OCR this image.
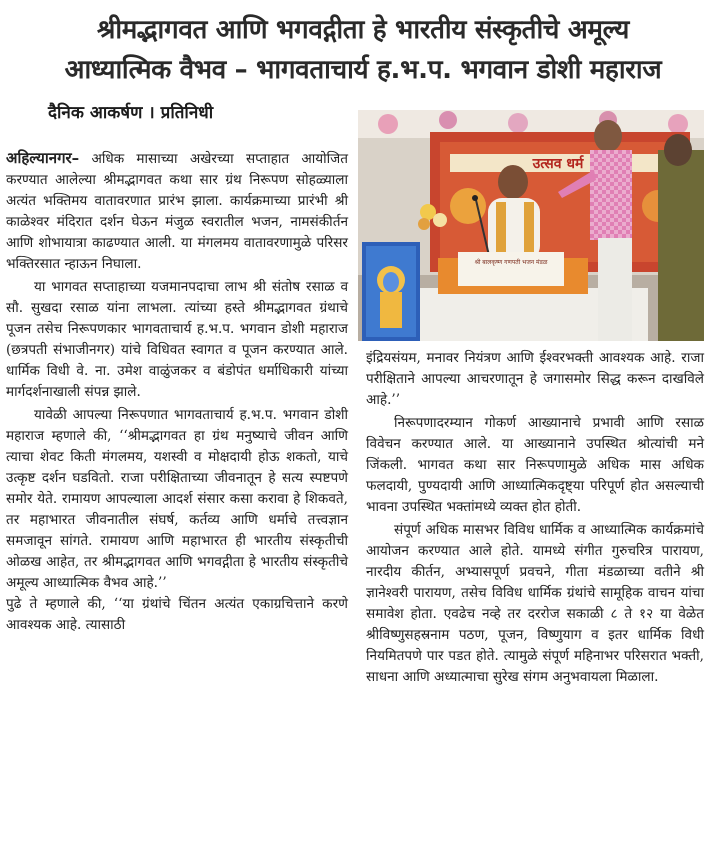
श्रीमद्भागवत आणि भगवद्गीता हे भारतीय संस्कृतीचे अमूल्य
आध्यात्मिक वैभव – भागवताचार्य ह.भ.प. भगवान डोशी महाराज
दैनिक आकर्षण । प्रतिनिधी
उत्सव धर्म
श्री बालकृष्ण गणपती भजन मंडळ

अहिल्यानगर– अधिक मासाच्या अखेरच्या सप्ताहात आयोजित करण्यात आलेल्या श्रीमद्भागवत कथा सार ग्रंथ निरूपण सोहळ्याला अत्यंत भक्तिमय वातावरणात प्रारंभ झाला. कार्यक्रमाच्या प्रारंभी श्री काळेश्वर मंदिरात दर्शन घेऊन मंजुळ स्वरातील भजन, नामसंकीर्तन आणि शोभायात्रा काढण्यात आली. या मंगलमय वातावरणामुळे परिसर भक्तिरसात न्हाऊन निघाला.

या भागवत सप्ताहाच्या यजमानपदाचा लाभ श्री संतोष रसाळ व सौ. सुखदा रसाळ यांना लाभला. त्यांच्या हस्ते श्रीमद्भागवत ग्रंथाचे पूजन तसेच निरूपणकार भागवताचार्य ह.भ.प. भगवान डोशी महाराज (छत्रपती संभाजीनगर) यांचे विधिवत स्वागत व पूजन करण्यात आले. धार्मिक विधी वे. ना. उमेश वाळुंजकर व बंडोपंत धर्माधिकारी यांच्या मार्गदर्शनाखाली संपन्न झाले.

यावेळी आपल्या निरूपणात भागवताचार्य ह.भ.प. भगवान डोशी महाराज म्हणाले की, ‘‘श्रीमद्भागवत हा ग्रंथ मनुष्याचे जीवन आणि त्याचा शेवट किती मंगलमय, यशस्वी व मोक्षदायी होऊ शकतो, याचे उत्कृष्ट दर्शन घडवितो. राजा परीक्षिताच्या जीवनातून हे सत्य स्पष्टपणे समोर येते. रामायण आपल्याला आदर्श संसार कसा करावा हे शिकवते, तर महाभारत जीवनातील संघर्ष, कर्तव्य आणि धर्माचे तत्त्वज्ञान समजावून सांगते. रामायण आणि महाभारत ही भारतीय संस्कृतीची ओळख आहेत, तर श्रीमद्भागवत आणि भगवद्गीता हे भारतीय संस्कृतीचे अमूल्य आध्यात्मिक वैभव आहे.’’

पुढे ते म्हणाले की, ‘‘या ग्रंथांचे चिंतन अत्यंत एकाग्रचित्ताने करणे आवश्यक आहे. त्यासाठी

इंद्रियसंयम, मनावर नियंत्रण आणि ईश्वरभक्ती आवश्यक आहे. राजा परीक्षिताने आपल्या आचरणातून हे जगासमोर सिद्ध करून दाखविले आहे.’’

निरूपणादरम्यान गोकर्ण आख्यानाचे प्रभावी आणि रसाळ विवेचन करण्यात आले. या आख्यानाने उपस्थित श्रोत्यांची मने जिंकली. भागवत कथा सार निरूपणामुळे अधिक मास अधिक फलदायी, पुण्यदायी आणि आध्यात्मिकदृष्ट्या परिपूर्ण होत असल्याची भावना उपस्थित भक्तांमध्ये व्यक्त होत होती.

संपूर्ण अधिक मासभर विविध धार्मिक व आध्यात्मिक कार्यक्रमांचे आयोजन करण्यात आले होते. यामध्ये संगीत गुरुचरित्र पारायण, नारदीय कीर्तन, अभ्यासपूर्ण प्रवचने, गीता मंडळाच्या वतीने श्री ज्ञानेश्वरी पारायण, तसेच विविध धार्मिक ग्रंथांचे सामूहिक वाचन यांचा समावेश होता. एवढेच नव्हे तर दररोज सकाळी ८ ते १२ या वेळेत श्रीविष्णुसहस्रनाम पठण, पूजन, विष्णुयाग व इतर धार्मिक विधी नियमितपणे पार पडत होते. त्यामुळे संपूर्ण महिनाभर परिसरात भक्ती, साधना आणि अध्यात्माचा सुरेख संगम अनुभवायला मिळाला.
